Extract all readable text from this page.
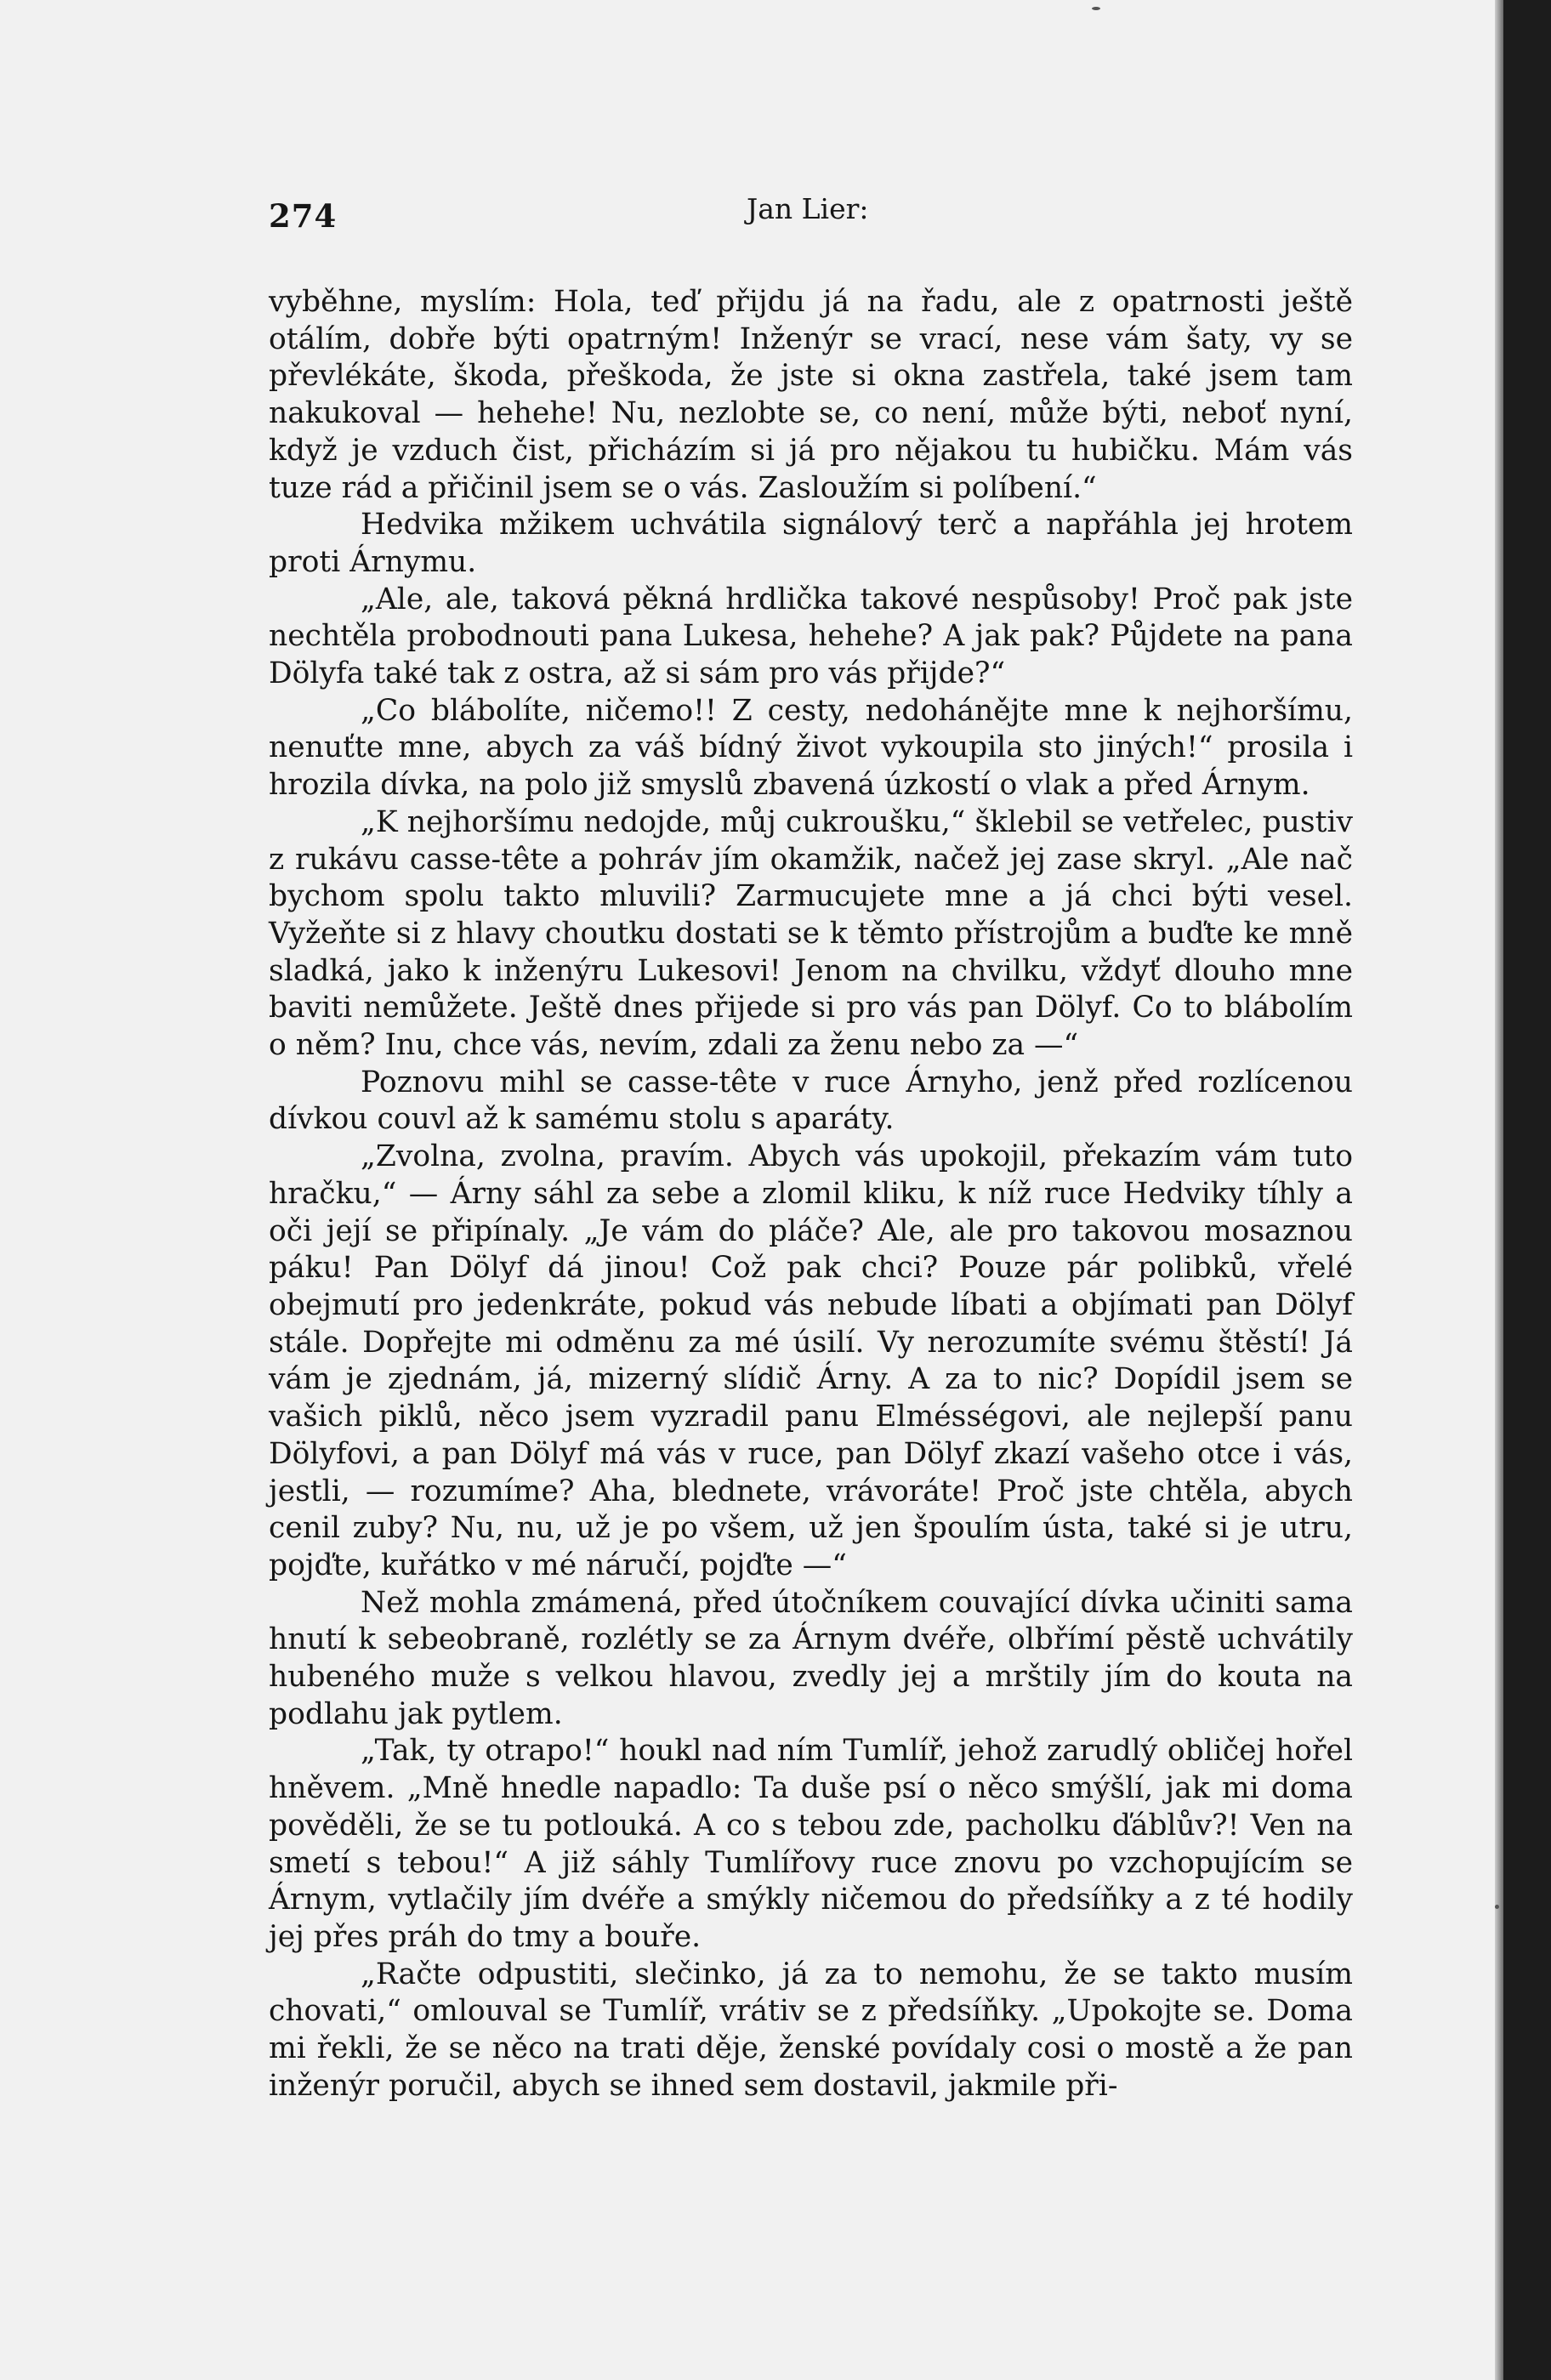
274	Jan Lier:

vyběhne, myslím: Hola, teď přijdu já na řadu, ale z opatrnosti ještě otálím, dobře býti opatrným! Inženýr se vrací, nese vám šaty, vy se převlékáte, škoda, přeškoda, že jste si okna zastřela, také jsem tam nakukoval — hehehe! Nu, nezlobte se, co není, může býti, neboť nyní, když je vzduch čist, přicházím si já pro nějakou tu hubičku. Mám vás tuze rád a přičinil jsem se o vás. Zasloužím si políbení.“

Hedvika mžikem uchvátila signálový terč a napřáhla jej hrotem proti Árnymu.

„Ale, ale, taková pěkná hrdlička takové nespůsoby! Proč pak jste nechtěla probodnouti pana Lukesa, hehehe? A jak pak? Půjdete na pana Dölyfa také tak z ostra, až si sám pro vás přijde?“

„Co blábolíte, ničemo!! Z cesty, nedohánějte mne k nejhoršímu, nenuťte mne, abych za váš bídný život vykoupila sto jiných!“ prosila i hrozila dívka, na polo již smyslů zbavená úzkostí o vlak a před Árnym.

„K nejhoršímu nedojde, můj cukroušku,“ šklebil se vetřelec, pustiv z rukávu casse-tête a pohráv jím okamžik, načež jej zase skryl. „Ale nač bychom spolu takto mluvili? Zarmucujete mne a já chci býti vesel. Vyžeňte si z hlavy choutku dostati se k těmto přístrojům a buďte ke mně sladká, jako k inženýru Lukesovi! Jenom na chvilku, vždyť dlouho mne baviti nemůžete. Ještě dnes přijede si pro vás pan Dölyf. Co to blábolím o něm? Inu, chce vás, nevím, zdali za ženu nebo za —“

Poznovu mihl se casse-tête v ruce Árnyho, jenž před rozlícenou dívkou couvl až k samému stolu s aparáty.

„Zvolna, zvolna, pravím. Abych vás upokojil, překazím vám tuto hračku,“ — Árny sáhl za sebe a zlomil kliku, k níž ruce Hedviky tíhly a oči její se připínaly. „Je vám do pláče? Ale, ale pro takovou mosaznou páku! Pan Dölyf dá jinou! Což pak chci? Pouze pár polibků, vřelé obejmutí pro jedenkráte, pokud vás nebude líbati a objímati pan Dölyf stále. Dopřejte mi odměnu za mé úsilí. Vy nerozumíte svému štěstí! Já vám je zjednám, já, mizerný slídič Árny. A za to nic? Dopídil jsem se vašich piklů, něco jsem vyzradil panu Elmésségovi, ale nejlepší panu Dölyfovi, a pan Dölyf má vás v ruce, pan Dölyf zkazí vašeho otce i vás, jestli, — rozumíme? Aha, blednete, vrávoráte! Proč jste chtěla, abych cenil zuby? Nu, nu, už je po všem, už jen špoulím ústa, také si je utru, pojďte, kuřátko v mé náručí, pojďte —“

Než mohla zmámená, před útočníkem couvající dívka učiniti sama hnutí k sebeobraně, rozlétly se za Árnym dvéře, olbřímí pěstě uchvátily hubeného muže s velkou hlavou, zvedly jej a mrštily jím do kouta na podlahu jak pytlem.

„Tak, ty otrapo!“ houkl nad ním Tumlíř, jehož zarudlý obličej hořel hněvem. „Mně hnedle napadlo: Ta duše psí o něco smýšlí, jak mi doma pověděli, že se tu potlouká. A co s tebou zde, pacholku ďáblův?! Ven na smetí s tebou!“ A již sáhly Tumlířovy ruce znovu po vzchopujícím se Árnym, vytlačily jím dvéře a smýkly ničemou do předsíňky a z té hodily jej přes práh do tmy a bouře.

„Račte odpustiti, slečinko, já za to nemohu, že se takto musím chovati,“ omlouval se Tumlíř, vrátiv se z předsíňky. „Upokojte se. Doma mi řekli, že se něco na trati děje, ženské povídaly cosi o mostě a že pan inženýr poručil, abych se ihned sem dostavil, jakmile při-
